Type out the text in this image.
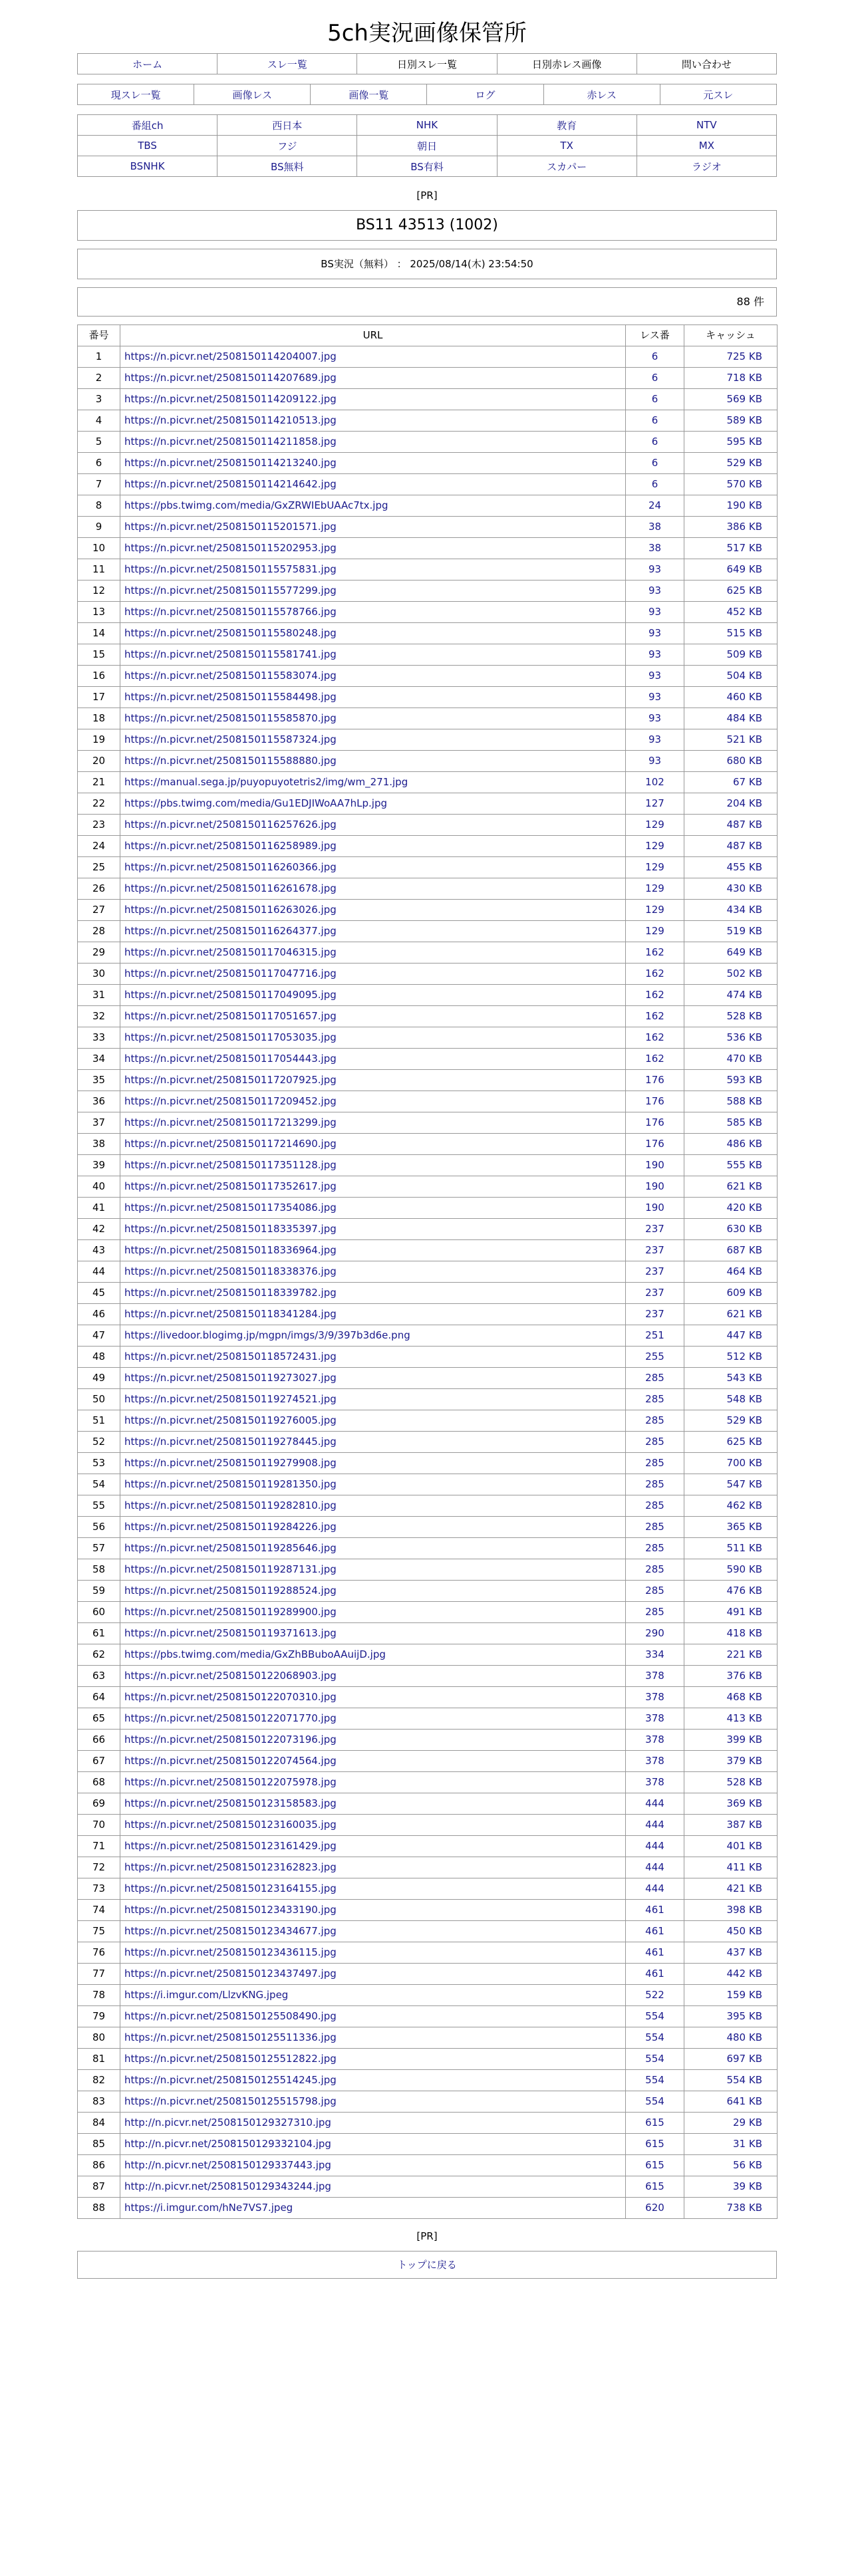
5ch実況画像保管所
ホーム	スレ一覧	日別スレ一覧	日別赤レス画像	問い合わせ
現スレ一覧	画像レス	画像一覧	ログ	赤レス	元スレ
番組ch	西日本	NHK	教育	NTV
TBS	フジ	朝日	TX	MX
BSNHK	BS無料	BS有料	スカパー	ラジオ
[PR]
BS11 43513 (1002)
BS実況（無料） ： 2025/08/14(木) 23:54:50
88 件
番号	URL	レス番	キャッシュ
1	https://n.picvr.net/2508150114204007.jpg	6	725 KB
2	https://n.picvr.net/2508150114207689.jpg	6	718 KB
3	https://n.picvr.net/2508150114209122.jpg	6	569 KB
4	https://n.picvr.net/2508150114210513.jpg	6	589 KB
5	https://n.picvr.net/2508150114211858.jpg	6	595 KB
6	https://n.picvr.net/2508150114213240.jpg	6	529 KB
7	https://n.picvr.net/2508150114214642.jpg	6	570 KB
8	https://pbs.twimg.com/media/GxZRWIEbUAAc7tx.jpg	24	190 KB
9	https://n.picvr.net/2508150115201571.jpg	38	386 KB
10	https://n.picvr.net/2508150115202953.jpg	38	517 KB
11	https://n.picvr.net/2508150115575831.jpg	93	649 KB
12	https://n.picvr.net/2508150115577299.jpg	93	625 KB
13	https://n.picvr.net/2508150115578766.jpg	93	452 KB
14	https://n.picvr.net/2508150115580248.jpg	93	515 KB
15	https://n.picvr.net/2508150115581741.jpg	93	509 KB
16	https://n.picvr.net/2508150115583074.jpg	93	504 KB
17	https://n.picvr.net/2508150115584498.jpg	93	460 KB
18	https://n.picvr.net/2508150115585870.jpg	93	484 KB
19	https://n.picvr.net/2508150115587324.jpg	93	521 KB
20	https://n.picvr.net/2508150115588880.jpg	93	680 KB
21	https://manual.sega.jp/puyopuyotetris2/img/wm_271.jpg	102	67 KB
22	https://pbs.twimg.com/media/Gu1EDJIWoAA7hLp.jpg	127	204 KB
23	https://n.picvr.net/2508150116257626.jpg	129	487 KB
24	https://n.picvr.net/2508150116258989.jpg	129	487 KB
25	https://n.picvr.net/2508150116260366.jpg	129	455 KB
26	https://n.picvr.net/2508150116261678.jpg	129	430 KB
27	https://n.picvr.net/2508150116263026.jpg	129	434 KB
28	https://n.picvr.net/2508150116264377.jpg	129	519 KB
29	https://n.picvr.net/2508150117046315.jpg	162	649 KB
30	https://n.picvr.net/2508150117047716.jpg	162	502 KB
31	https://n.picvr.net/2508150117049095.jpg	162	474 KB
32	https://n.picvr.net/2508150117051657.jpg	162	528 KB
33	https://n.picvr.net/2508150117053035.jpg	162	536 KB
34	https://n.picvr.net/2508150117054443.jpg	162	470 KB
35	https://n.picvr.net/2508150117207925.jpg	176	593 KB
36	https://n.picvr.net/2508150117209452.jpg	176	588 KB
37	https://n.picvr.net/2508150117213299.jpg	176	585 KB
38	https://n.picvr.net/2508150117214690.jpg	176	486 KB
39	https://n.picvr.net/2508150117351128.jpg	190	555 KB
40	https://n.picvr.net/2508150117352617.jpg	190	621 KB
41	https://n.picvr.net/2508150117354086.jpg	190	420 KB
42	https://n.picvr.net/2508150118335397.jpg	237	630 KB
43	https://n.picvr.net/2508150118336964.jpg	237	687 KB
44	https://n.picvr.net/2508150118338376.jpg	237	464 KB
45	https://n.picvr.net/2508150118339782.jpg	237	609 KB
46	https://n.picvr.net/2508150118341284.jpg	237	621 KB
47	https://livedoor.blogimg.jp/mgpn/imgs/3/9/397b3d6e.png	251	447 KB
48	https://n.picvr.net/2508150118572431.jpg	255	512 KB
49	https://n.picvr.net/2508150119273027.jpg	285	543 KB
50	https://n.picvr.net/2508150119274521.jpg	285	548 KB
51	https://n.picvr.net/2508150119276005.jpg	285	529 KB
52	https://n.picvr.net/2508150119278445.jpg	285	625 KB
53	https://n.picvr.net/2508150119279908.jpg	285	700 KB
54	https://n.picvr.net/2508150119281350.jpg	285	547 KB
55	https://n.picvr.net/2508150119282810.jpg	285	462 KB
56	https://n.picvr.net/2508150119284226.jpg	285	365 KB
57	https://n.picvr.net/2508150119285646.jpg	285	511 KB
58	https://n.picvr.net/2508150119287131.jpg	285	590 KB
59	https://n.picvr.net/2508150119288524.jpg	285	476 KB
60	https://n.picvr.net/2508150119289900.jpg	285	491 KB
61	https://n.picvr.net/2508150119371613.jpg	290	418 KB
62	https://pbs.twimg.com/media/GxZhBBuboAAuijD.jpg	334	221 KB
63	https://n.picvr.net/2508150122068903.jpg	378	376 KB
64	https://n.picvr.net/2508150122070310.jpg	378	468 KB
65	https://n.picvr.net/2508150122071770.jpg	378	413 KB
66	https://n.picvr.net/2508150122073196.jpg	378	399 KB
67	https://n.picvr.net/2508150122074564.jpg	378	379 KB
68	https://n.picvr.net/2508150122075978.jpg	378	528 KB
69	https://n.picvr.net/2508150123158583.jpg	444	369 KB
70	https://n.picvr.net/2508150123160035.jpg	444	387 KB
71	https://n.picvr.net/2508150123161429.jpg	444	401 KB
72	https://n.picvr.net/2508150123162823.jpg	444	411 KB
73	https://n.picvr.net/2508150123164155.jpg	444	421 KB
74	https://n.picvr.net/2508150123433190.jpg	461	398 KB
75	https://n.picvr.net/2508150123434677.jpg	461	450 KB
76	https://n.picvr.net/2508150123436115.jpg	461	437 KB
77	https://n.picvr.net/2508150123437497.jpg	461	442 KB
78	https://i.imgur.com/LlzvKNG.jpeg	522	159 KB
79	https://n.picvr.net/2508150125508490.jpg	554	395 KB
80	https://n.picvr.net/2508150125511336.jpg	554	480 KB
81	https://n.picvr.net/2508150125512822.jpg	554	697 KB
82	https://n.picvr.net/2508150125514245.jpg	554	554 KB
83	https://n.picvr.net/2508150125515798.jpg	554	641 KB
84	http://n.picvr.net/2508150129327310.jpg	615	29 KB
85	http://n.picvr.net/2508150129332104.jpg	615	31 KB
86	http://n.picvr.net/2508150129337443.jpg	615	56 KB
87	http://n.picvr.net/2508150129343244.jpg	615	39 KB
88	https://i.imgur.com/hNe7VS7.jpeg	620	738 KB
[PR]
トップに戻る
